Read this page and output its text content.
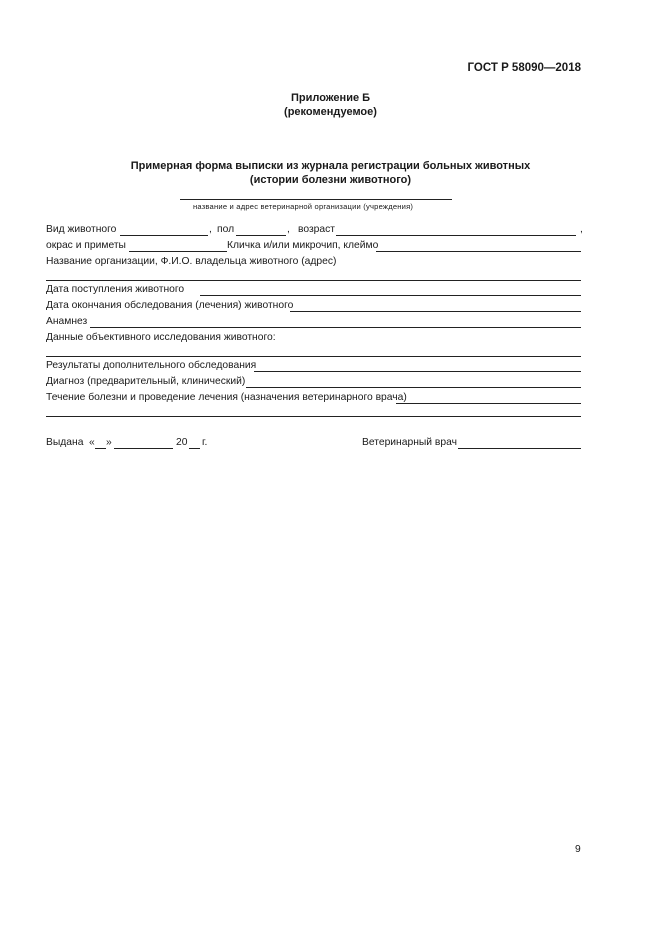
ГОСТ Р 58090—2018
Приложение Б
(рекомендуемое)
Примерная форма выписки из журнала регистрации больных животных
(истории болезни животного)
название и адрес ветеринарной организации (учреждения)
Вид животного	, пол	, возраст	,
окрас и приметы	Кличка и/или микрочип, клеймо
Название организации, Ф.И.О. владельца животного (адрес)
Дата поступления животного
Дата окончания обследования (лечения) животного
Анамнез
Данные объективного исследования животного:
Результаты дополнительного обследования
Диагноз (предварительный, клинический)
Течение болезни и проведение лечения (назначения ветеринарного врача)
Выдана « »	20 г.	Ветеринарный врач
9
